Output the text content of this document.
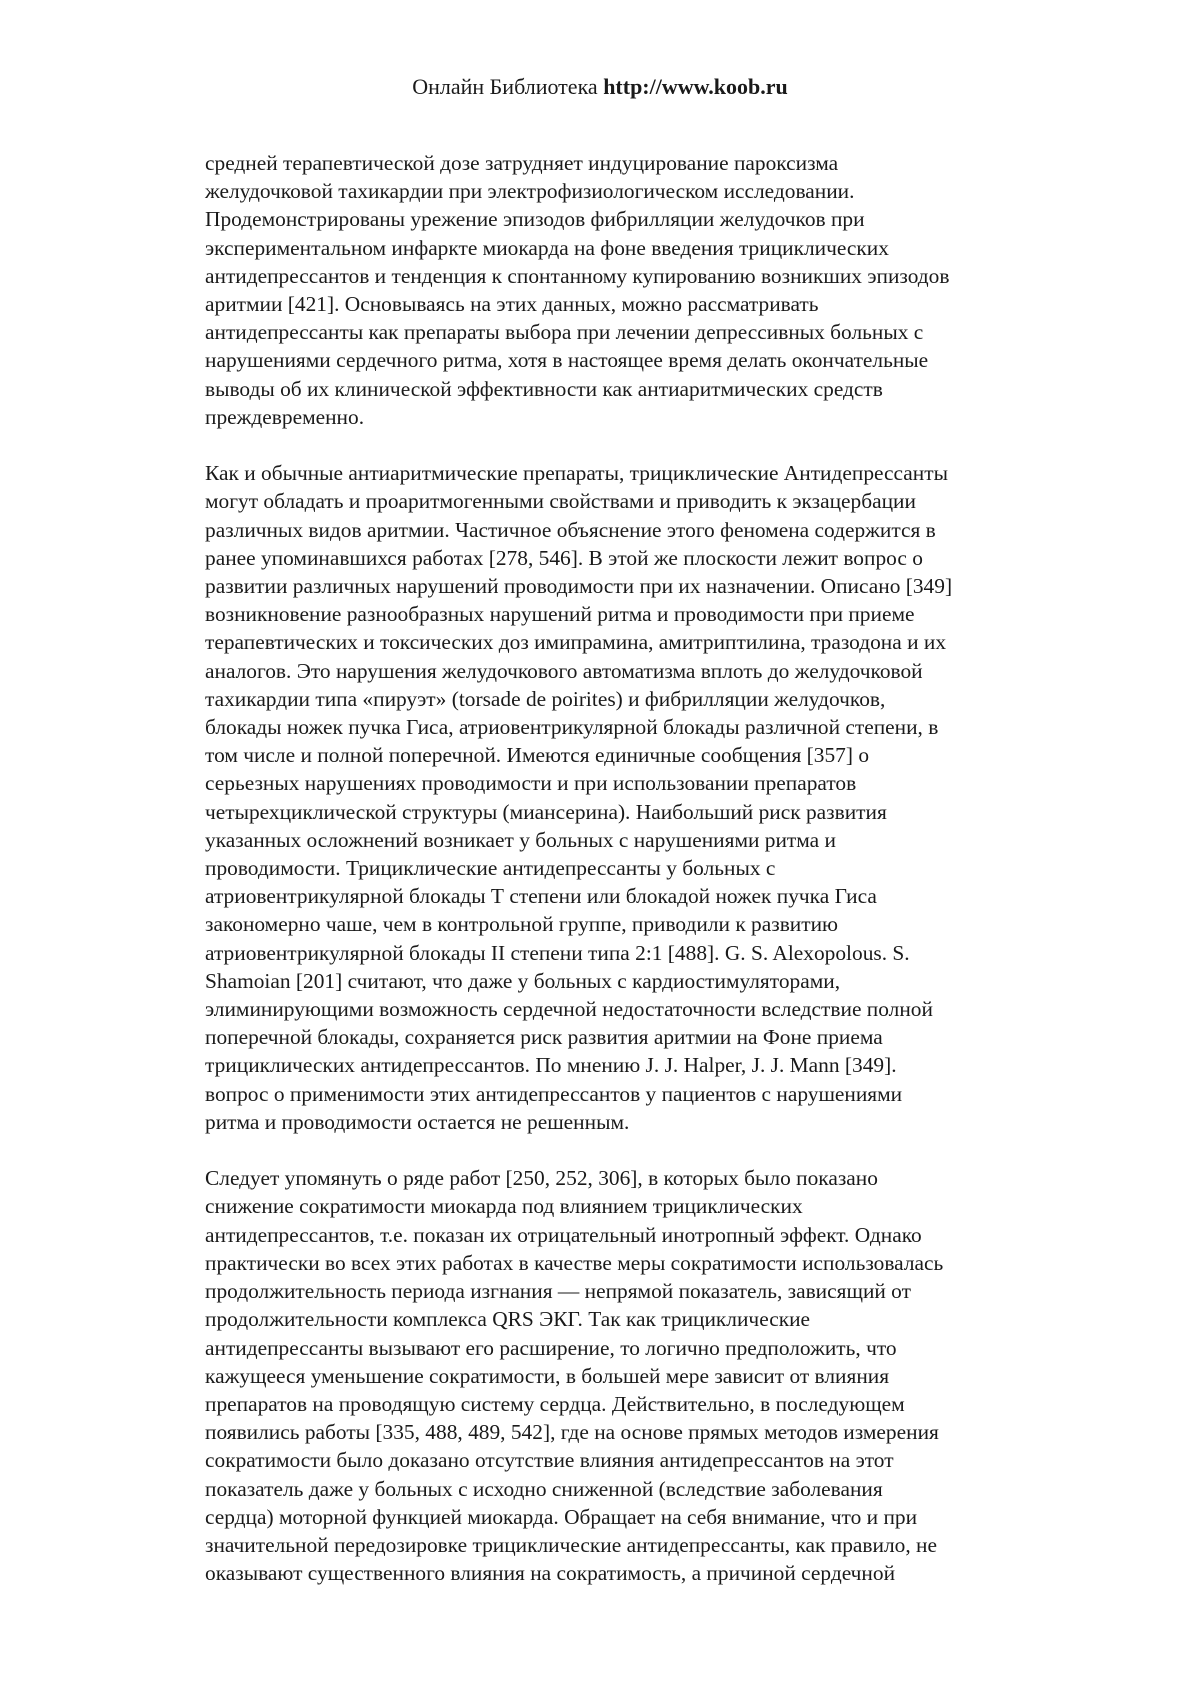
Онлайн Библиотека http://www.koob.ru
средней терапевтической дозе затрудняет индуцирование пароксизма
желудочковой тахикардии при электрофизиологическом исследовании.
Продемонстрированы урежение эпизодов фибрилляции желудочков при
экспериментальном инфаркте миокарда на фоне введения трициклических
антидепрессантов и тенденция к спонтанному купированию возникших эпизодов
аритмии [421]. Основываясь на этих данных, можно рассматривать
антидепрессанты как препараты выбора при лечении депрессивных больных с
нарушениями сердечного ритма, хотя в настоящее время делать окончательные
выводы об их клинической эффективности как антиаритмических средств
преждевременно.
Как и обычные антиаритмические препараты, трициклические Антидепрессанты
могут обладать и проаритмогенными свойствами и приводить к экзацербации
различных видов аритмии. Частичное объяснение этого феномена содержится в
ранее упоминавшихся работах [278, 546]. В этой же плоскости лежит вопрос о
развитии различных нарушений проводимости при их назначении. Описано [349]
возникновение разнообразных нарушений ритма и проводимости при приеме
терапевтических и токсических доз имипрамина, амитриптилина, тразодона и их
аналогов. Это нарушения желудочкового автоматизма вплоть до желудочковой
тахикардии типа «пируэт» (torsade de poirites) и фибрилляции желудочков,
блокады ножек пучка Гиса, атриовентрикулярной блокады различной степени, в
том числе и полной поперечной. Имеются единичные сообщения [357] о
серьезных нарушениях проводимости и при использовании препаратов
четырехциклической структуры (миансерина). Наибольший риск развития
указанных осложнений возникает у больных с нарушениями ритма и
проводимости. Трициклические антидепрессанты у больных с
атриовентрикулярной блокады Т степени или блокадой ножек пучка Гиса
закономерно чаше, чем в контрольной группе, приводили к развитию
атриовентрикулярной блокады II степени типа 2:1 [488]. G. S. Alexopolous. S.
Shamoian [201] считают, что даже у больных с кардиостимуляторами,
элиминирующими возможность сердечной недостаточности вследствие полной
поперечной блокады, сохраняется риск развития аритмии на Фоне приема
трициклических антидепрессантов. По мнению J. J. Halper, J. J. Mann [349].
вопрос о применимости этих антидепрессантов у пациентов с нарушениями
ритма и проводимости остается не решенным.
Следует упомянуть о ряде работ [250, 252, 306], в которых было показано
снижение сократимости миокарда под влиянием трициклических
антидепрессантов, т.е. показан их отрицательный инотропный эффект. Однако
практически во всех этих работах в качестве меры сократимости использовалась
продолжительность периода изгнания — непрямой показатель, зависящий от
продолжительности комплекса QRS ЭКГ. Так как трициклические
антидепрессанты вызывают его расширение, то логично предположить, что
кажущееся уменьшение сократимости, в большей мере зависит от влияния
препаратов на проводящую систему сердца. Действительно, в последующем
появились работы [335, 488, 489, 542], где на основе прямых методов измерения
сократимости было доказано отсутствие влияния антидепрессантов на этот
показатель даже у больных с исходно сниженной (вследствие заболевания
сердца) моторной функцией миокарда. Обращает на себя внимание, что и при
значительной передозировке трициклические антидепрессанты, как правило, не
оказывают существенного влияния на сократимость, а причиной сердечной
